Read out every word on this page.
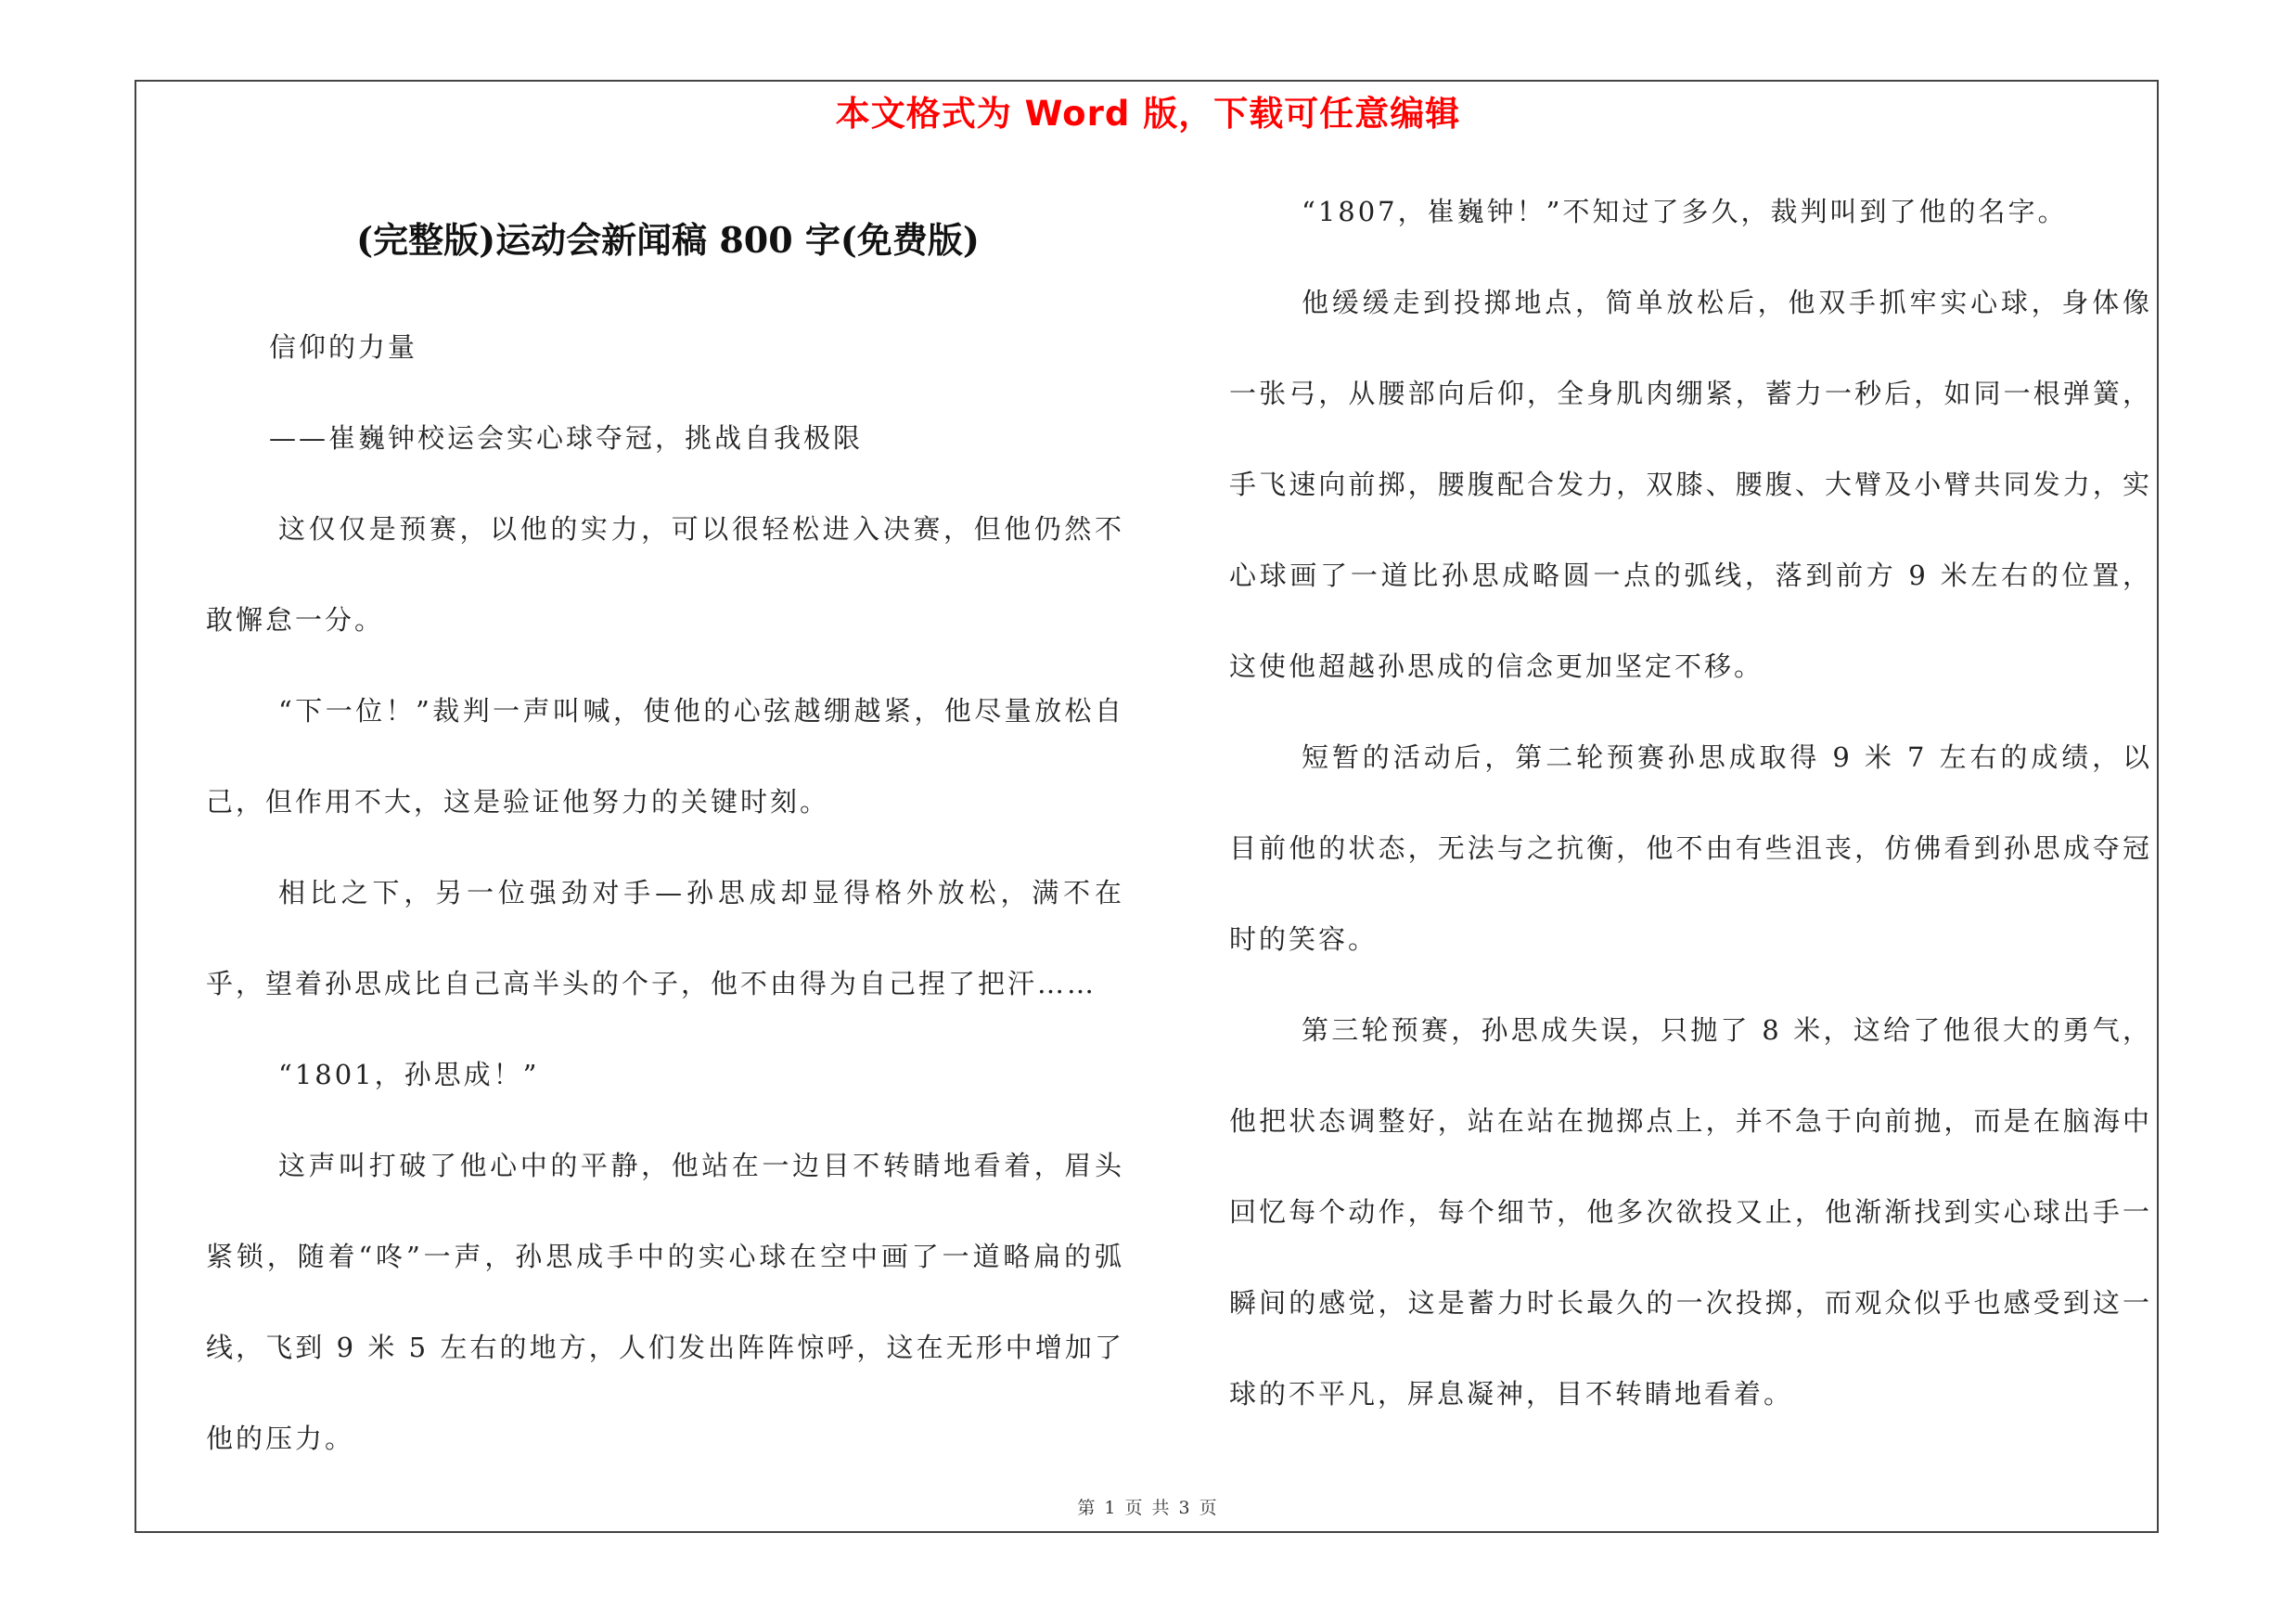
本文格式为 Word 版，下载可任意编辑
(完整版)运动会新闻稿 800 字(免费版)

信仰的力量

——崔巍钟校运会实心球夺冠，挑战自我极限

这仅仅是预赛，以他的实力，可以很轻松进入决赛，但他仍然不敢懈怠一分。

“下一位！”裁判一声叫喊，使他的心弦越绷越紧，他尽量放松自己，但作用不大，这是验证他努力的关键时刻。

相比之下，另一位强劲对手—孙思成却显得格外放松，满不在乎，望着孙思成比自己高半头的个子，他不由得为自己捏了把汗……

“1801，孙思成！”

这声叫打破了他心中的平静，他站在一边目不转睛地看着，眉头紧锁，随着“咚”一声，孙思成手中的实心球在空中画了一道略扁的弧线，飞到 9 米 5 左右的地方，人们发出阵阵惊呼，这在无形中增加了他的压力。

“1807，崔巍钟！”不知过了多久，裁判叫到了他的名字。

他缓缓走到投掷地点，简单放松后，他双手抓牢实心球，身体像一张弓，从腰部向后仰，全身肌肉绷紧，蓄力一秒后，如同一根弹簧，手飞速向前掷，腰腹配合发力，双膝、腰腹、大臂及小臂共同发力，实心球画了一道比孙思成略圆一点的弧线，落到前方 9 米左右的位置，这使他超越孙思成的信念更加坚定不移。

短暂的活动后，第二轮预赛孙思成取得 9 米 7 左右的成绩，以目前他的状态，无法与之抗衡，他不由有些沮丧，仿佛看到孙思成夺冠时的笑容。

第三轮预赛，孙思成失误，只抛了 8 米，这给了他很大的勇气，他把状态调整好，站在站在抛掷点上，并不急于向前抛，而是在脑海中回忆每个动作，每个细节，他多次欲投又止，他渐渐找到实心球出手一瞬间的感觉，这是蓄力时长最久的一次投掷，而观众似乎也感受到这一球的不平凡，屏息凝神，目不转睛地看着。

第 1 页 共 3 页
